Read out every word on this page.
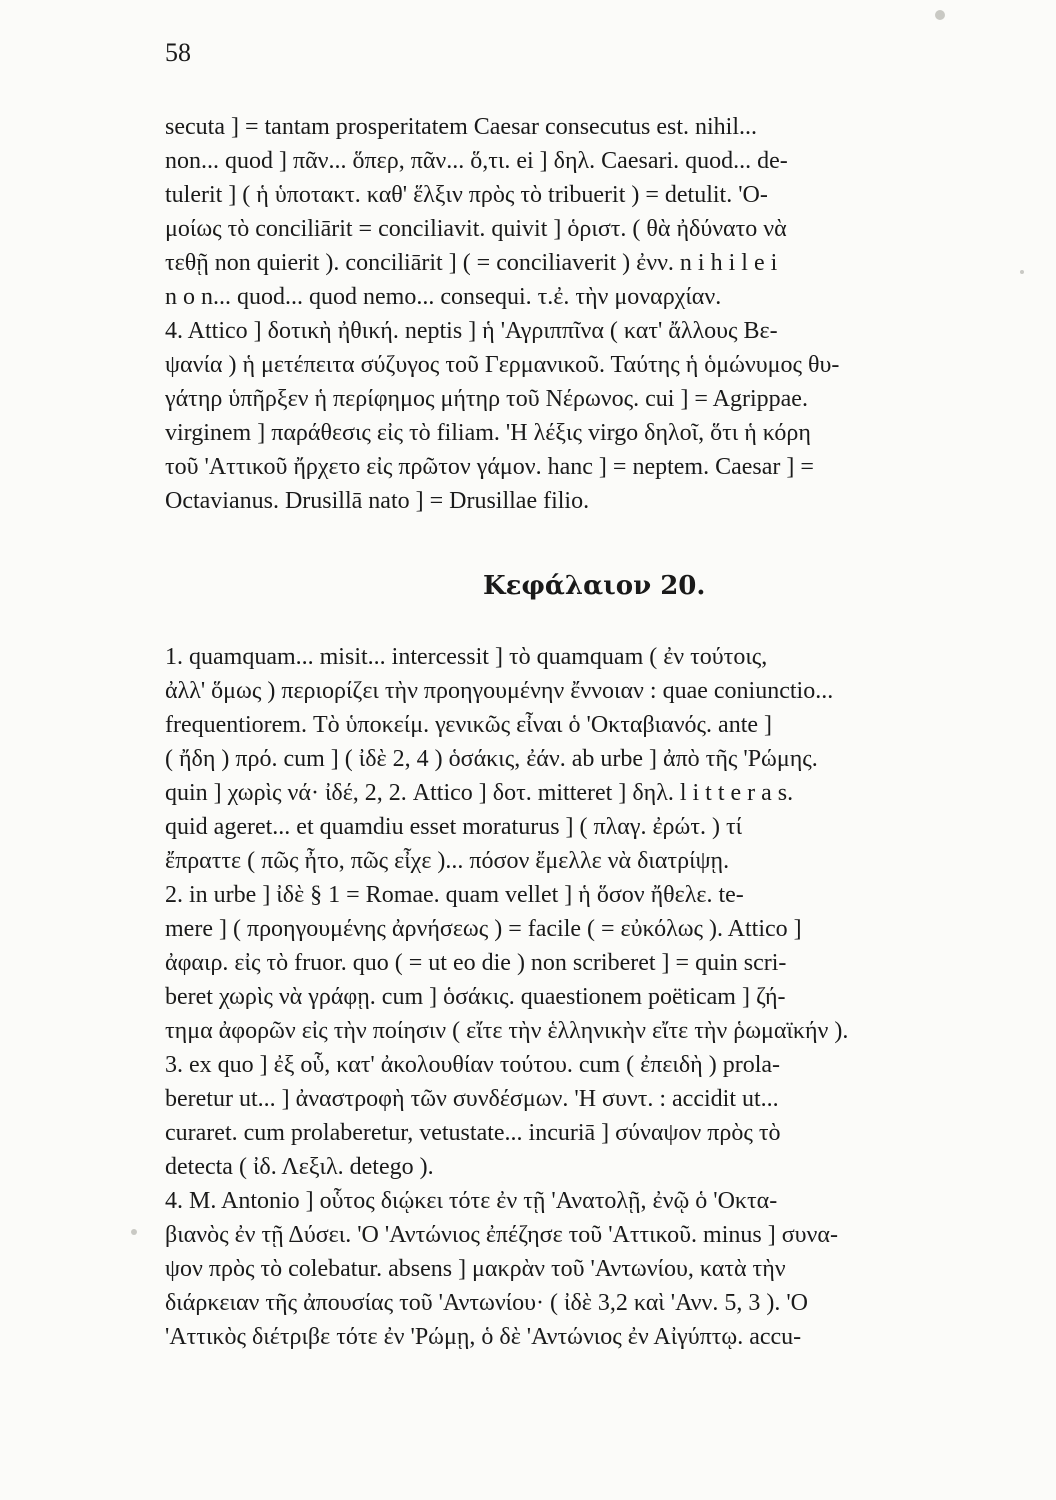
58
secuta ] = tantam prosperitatem Caesar consecutus est. nihil...
non... quod ] πᾶν... ὅπερ, πᾶν... ὅ,τι. ei ] δηλ. Caesari. quod... de-
tulerit ] ( ἡ ὑποτακτ. καθ' ἕλξιν πρὸς τὸ tribuerit ) = detulit. 'Ο-
μοίως τὸ conciliārit = conciliavit. quivit ] ὁριστ. ( θὰ ἠδύνατο νὰ
τεθῇ non quierit ). conciliārit ] ( = conciliaverit ) ἐνν. n i h i l e i
n o n... quod... quod nemo... consequi. τ.ἐ. τὴν μοναρχίαν.
4. Attico ] δοτικὴ ἠθική. neptis ] ἡ 'Αγριππῖνα ( κατ' ἄλλους Βε-
ψανία ) ἡ μετέπειτα σύζυγος τοῦ Γερμανικοῦ. Ταύτης ἡ ὁμώνυμος θυ-
γάτηρ ὑπῆρξεν ἡ περίφημος μήτηρ τοῦ Νέρωνος. cui ] = Agrippae.
virginem ] παράθεσις εἰς τὸ filiam. 'Η λέξις virgo δηλοῖ, ὅτι ἡ κόρη
τοῦ 'Αττικοῦ ἤρχετο εἰς πρῶτον γάμον. hanc ] = neptem. Caesar ] =
Octavianus. Drusillā nato ] = Drusillae filio.
Κεφάλαιον 20.
1. quamquam... misit... intercessit ] τὸ quamquam ( ἐν τούτοις,
ἀλλ' ὅμως ) περιορίζει τὴν προηγουμένην ἔννοιαν : quae coniunctio...
frequentiorem. Τὸ ὑποκείμ. γενικῶς εἶναι ὁ 'Οκταβιανός. ante ]
( ἤδη ) πρό. cum ] ( ἰδὲ 2, 4 ) ὁσάκις, ἐάν. ab urbe ] ἀπὸ τῆς 'Ρώμης.
quin ] χωρὶς νά· ἰδέ, 2, 2. Attico ] δοτ. mitteret ] δηλ. l i t t e r a s.
quid ageret... et quamdiu esset moraturus ] ( πλαγ. ἐρώτ. ) τί
ἔπραττε ( πῶς ἦτο, πῶς εἶχε )... πόσον ἔμελλε νὰ διατρίψῃ.
2. in urbe ] ἰδὲ § 1 = Romae. quam vellet ] ἡ ὅσον ἤθελε. te-
mere ] ( προηγουμένης ἀρνήσεως ) = facile ( = εὐκόλως ). Attico ]
ἀφαιρ. εἰς τὸ fruor. quo ( = ut eo die ) non scriberet ] = quin scri-
beret χωρὶς νὰ γράφῃ. cum ] ὁσάκις. quaestionem poëticam ] ζή-
τημα ἀφορῶν εἰς τὴν ποίησιν ( εἴτε τὴν ἑλληνικὴν εἴτε τὴν ῥωμαϊκήν ).
3. ex quo ] ἐξ οὗ, κατ' ἀκολουθίαν τούτου. cum ( ἐπειδὴ ) prola-
beretur ut... ] ἀναστροφὴ τῶν συνδέσμων. 'Η συντ. : accidit ut...
curaret. cum prolaberetur, vetustate... incuriā ] σύναψον πρὸς τὸ
detecta ( ἰδ. Λεξιλ. detego ).
4. M. Antonio ] οὗτος διῴκει τότε ἐν τῇ 'Ανατολῇ, ἐνῷ ὁ 'Οκτα-
βιανὸς ἐν τῇ Δύσει. 'Ο 'Αντώνιος ἐπέζησε τοῦ 'Αττικοῦ. minus ] συνα-
ψον πρὸς τὸ colebatur. absens ] μακρὰν τοῦ 'Αντωνίου, κατὰ τὴν
διάρκειαν τῆς ἀπουσίας τοῦ 'Αντωνίου· ( ἰδὲ 3,2 καὶ 'Ανν. 5, 3 ). 'Ο
'Αττικὸς διέτριβε τότε ἐν 'Ρώμῃ, ὁ δὲ 'Αντώνιος ἐν Αἰγύπτῳ. accu-
